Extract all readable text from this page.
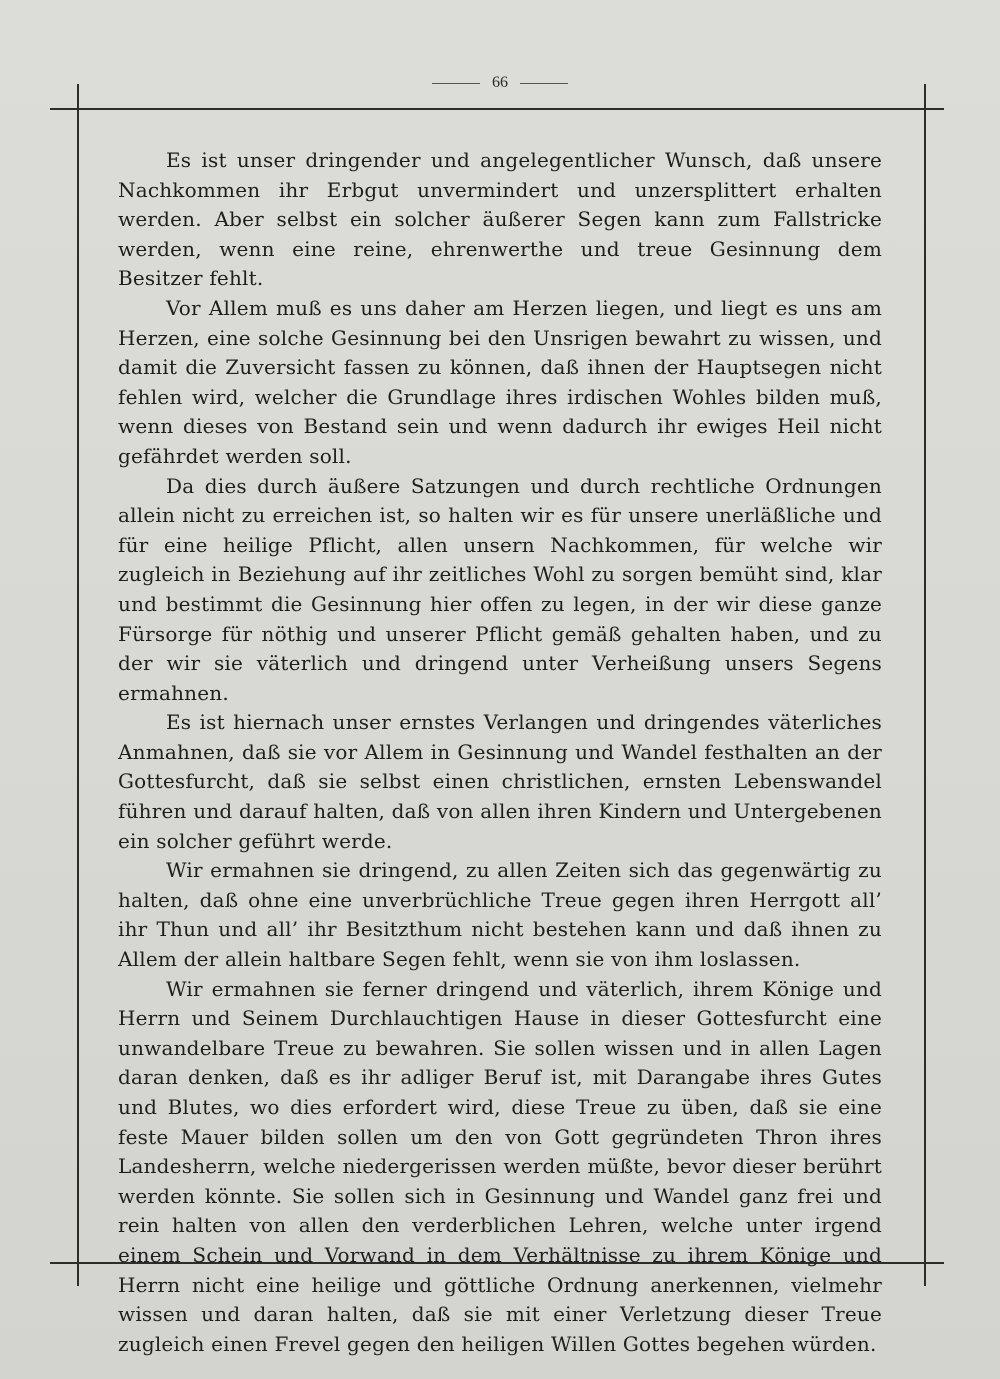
66

Es ist unser dringender und angelegentlicher Wunsch, daß unsere Nachkommen ihr Erbgut unvermindert und unzersplittert erhalten werden. Aber selbst ein solcher äußerer Segen kann zum Fallstricke werden, wenn eine reine, ehrenwerthe und treue Gesinnung dem Besitzer fehlt.

Vor Allem muß es uns daher am Herzen liegen, und liegt es uns am Herzen, eine solche Gesinnung bei den Unsrigen bewahrt zu wissen, und damit die Zuversicht fassen zu können, daß ihnen der Hauptsegen nicht fehlen wird, welcher die Grundlage ihres irdischen Wohles bilden muß, wenn dieses von Bestand sein und wenn dadurch ihr ewiges Heil nicht gefährdet werden soll.

Da dies durch äußere Satzungen und durch rechtliche Ordnungen allein nicht zu erreichen ist, so halten wir es für unsere unerläßliche und für eine heilige Pflicht, allen unsern Nachkommen, für welche wir zugleich in Beziehung auf ihr zeitliches Wohl zu sorgen bemüht sind, klar und bestimmt die Gesinnung hier offen zu legen, in der wir diese ganze Fürsorge für nöthig und unserer Pflicht gemäß gehalten haben, und zu der wir sie väterlich und dringend unter Verheißung unsers Segens ermahnen.

Es ist hiernach unser ernstes Verlangen und dringendes väterliches Anmahnen, daß sie vor Allem in Gesinnung und Wandel festhalten an der Gottesfurcht, daß sie selbst einen christlichen, ernsten Lebenswandel führen und darauf halten, daß von allen ihren Kindern und Untergebenen ein solcher geführt werde.

Wir ermahnen sie dringend, zu allen Zeiten sich das gegenwärtig zu halten, daß ohne eine unverbrüchliche Treue gegen ihren Herrgott all’ ihr Thun und all’ ihr Besitzthum nicht bestehen kann und daß ihnen zu Allem der allein haltbare Segen fehlt, wenn sie von ihm loslassen.

Wir ermahnen sie ferner dringend und väterlich, ihrem Könige und Herrn und Seinem Durchlauchtigen Hause in dieser Gottesfurcht eine unwandelbare Treue zu bewahren. Sie sollen wissen und in allen Lagen daran denken, daß es ihr adliger Beruf ist, mit Darangabe ihres Gutes und Blutes, wo dies erfordert wird, diese Treue zu üben, daß sie eine feste Mauer bilden sollen um den von Gott gegründeten Thron ihres Landesherrn, welche niedergerissen werden müßte, bevor dieser berührt werden könnte. Sie sollen sich in Gesinnung und Wandel ganz frei und rein halten von allen den verderblichen Lehren, welche unter irgend einem Schein und Vorwand in dem Verhältnisse zu ihrem Könige und Herrn nicht eine heilige und göttliche Ordnung anerkennen, vielmehr wissen und daran halten, daß sie mit einer Verletzung dieser Treue zugleich einen Frevel gegen den heiligen Willen Gottes begehen würden.
